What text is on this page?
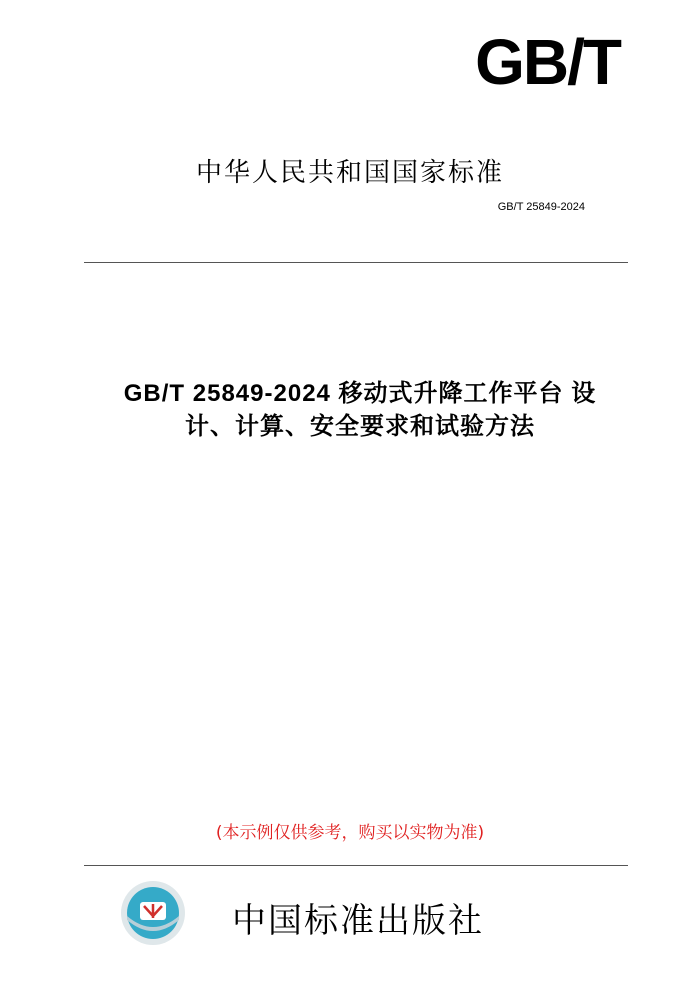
GB/T
中华人民共和国国家标准
GB/T 25849-2024
GB/T 25849-2024 移动式升降工作平台 设
计、计算、安全要求和试验方法
(本示例仅供参考，购买以实物为准)
中国标准出版社
